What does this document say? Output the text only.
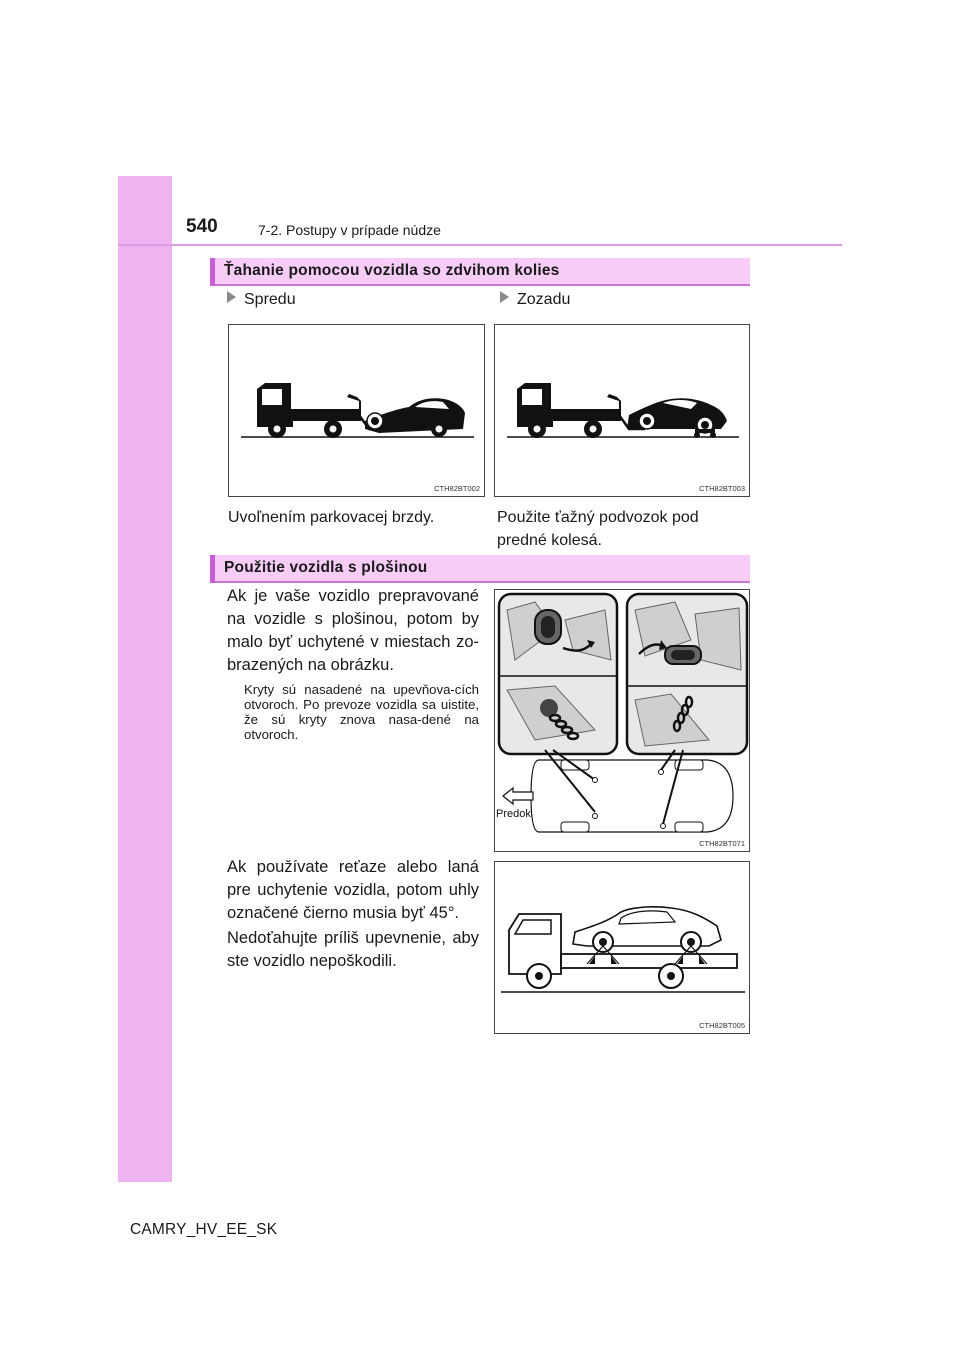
540	7-2. Postupy v prípade núdze
Ťahanie pomocou vozidla so zdvihom kolies
Spredu	Zozadu
CTH82BT002	CTH82BT003
Uvoľnením parkovacej brzdy.	Použite ťažný podvozok pod
predné kolesá.
Použitie vozidla s plošinou
Ak je vaše vozidlo prepravované na vozidle s plošinou, potom by malo byť uchytené v miestach zo-brazených na obrázku.
Kryty sú nasadené na upevňova-cích otvoroch. Po prevoze vozidla sa uistite, že sú kryty znova nasa-dené na otvoroch.
Predok
CTH82BT071
Ak používate reťaze alebo laná pre uchytenie vozidla, potom uhly označené čierno musia byť 45°.
Nedoťahujte príliš upevnenie, aby ste vozidlo nepoškodili.
CTH82BT005
CAMRY_HV_EE_SK
